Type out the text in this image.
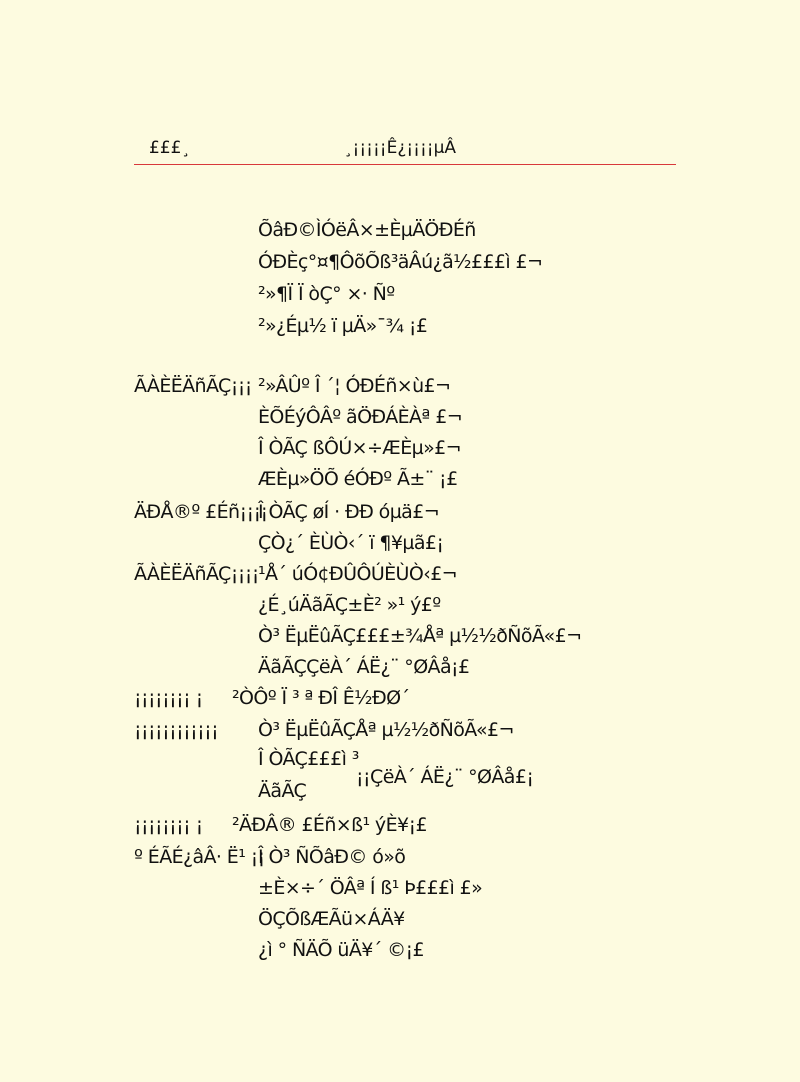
£££¸	¸¡¡¡¡¡Ê¿¡¡¡¡µÂ
ÕâÐ©ÌÓëÂ×±ÈµÄÖÐÉñ
ÓÐÈç°¤¶ÔõÕß³äÂú¿ã½£££ì £¬
²»¶Ï Ï òÇ° ×· Ñº
²»¿Éµ½ ï µÄ»¯¾ ¡£
ÃÀÈËÄñÃÇ¡¡¡ ²»ÂÛº Î ´¦ ÓÐÉñ×ù£¬
ÈÕÉýÔÂº ãÖÐÁÈÀª £¬
Î ÒÃÇ ßÔÚ×÷ÆÈµ»£¬
ÆÈµ»ÖÕ éÓÐº Ã±¨ ¡£
ÄÐÅ®º £Éñ¡¡¡¡
Î ÒÃÇ øÍ · ÐÐ óµä£¬
ÇÒ¿´ ÈÙÒ‹´ ï ¶¥µã£¡
ÃÀÈËÄñÃÇ¡¡¡¡ ¹Å´ úÓ¢ÐÛÔÚÈÙÒ‹£¬
¿É¸úÄãÃÇ±È² »¹ ý£º
Ò³ ËµËûÃÇ£££±¾Åª µ½½ðÑõÃ«£¬
ÄãÃÇÇëÀ´ ÁË¿¨ °ØÂå¡£
¡¡¡¡¡¡¡¡ ¡ ²ÒÔº Ï ³ ª ÐÎ Ê½ÐØ´
¡¡¡¡¡¡¡¡¡¡¡¡ Ò³ ËµËûÃÇÅª µ½½ðÑõÃ«£¬
Î ÒÃÇ£££ì ³
¡¡ÇëÀ´ ÁË¿¨ °ØÂå£¡
ÄãÃÇ
¡¡¡¡¡¡¡¡ ¡ ²ÄÐÂ® £Éñ×ß¹ ýÈ¥¡£
º ÉÃÉ¿âÂ· Ë¹ ¡¡
Î Ò³ ÑÕâÐ© ó»õ
±È×÷´ ÖÂª Í ß¹ Þ£££ì £»
ÖÇÕßÆÃü×ÁÄ¥
¿ì ° ÑÄÕ üÄ¥´ ©¡£
